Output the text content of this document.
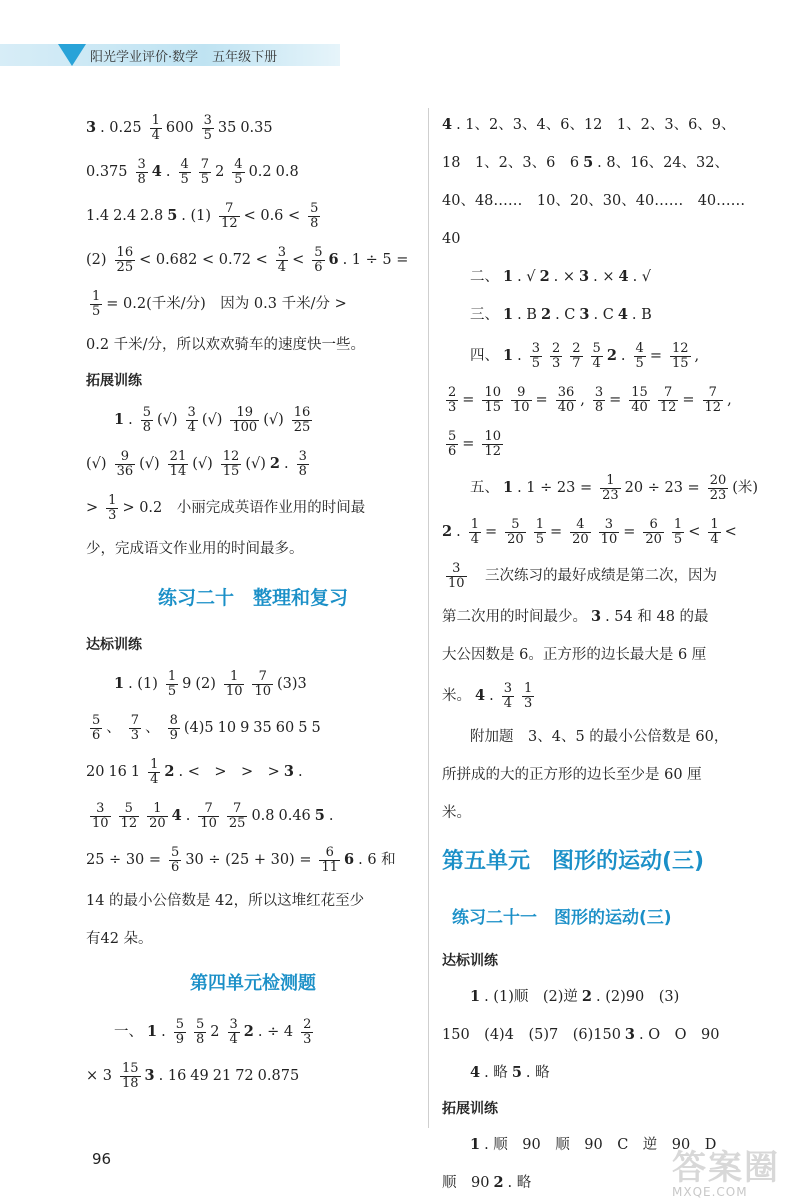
阳光学业评价·数学 五年级下册
3 . $0.25 \frac{1}{4} 600 \frac{3}{5} 35$ 0.35
$0.375 \frac{3}{8} 4$ . $\frac{4}{5} \frac{7}{5} 2 \frac{4}{5} 0.2$ 0.8
1.4 2.4 2.8 5 . $(1) \frac{7}{12} < 0.6 < \frac{5}{8}$
$(2) \frac{16}{25} < 0.682 < 0.72 < \frac{3}{4} < \frac{5}{6} 6$ . 1 ÷ 5 =
$\frac{1}{5} = 0.2$(千米/分)　因为 0.3 千米/分 >
0.2 千米/分，所以欢欢骑车的速度快一些。
拓展训练
1 . $\frac{5}{8}$ (√) $\frac{3}{4}$ (√) $\frac{19}{100}$ (√) $\frac{16}{25}$
(√) $\frac{9}{36}$ (√) $\frac{21}{14}$ (√) $\frac{12}{15}$ (√) 2 . $\frac{3}{8}$
> $\frac{1}{3} > 0.2$　小丽完成英语作业用的时间最
少，完成语文作业用的时间最多。
练习二十　整理和复习
达标训练
1 . $(1) \frac{1}{5} 9$ $(2) \frac{1}{10} \frac{7}{10} (3)3$
$\frac{5}{6}$ 、 $\frac{7}{3}$ 、 $\frac{8}{9} (4)5$ 10 9 35 60 5 5
20 16 $1 \frac{1}{4} 2$ . <　>　>　> 3 .
$\frac{3}{10} \frac{5}{12} \frac{1}{20} 4$ . $\frac{7}{10} \frac{7}{25} 0.8$ 0.46 5 .
$25 \div 30 = \frac{5}{6} 30 \div (25 + 30) = \frac{6}{11} 6$ . 6 和
14 的最小公倍数是 42，所以这堆红花至少
有42 朵。
第四单元检测题
一、 1 . $\frac{5}{9} \frac{5}{8} 2 \frac{3}{4} 2$ . ÷ $4 \frac{2}{3}$
× $3 \frac{15}{18} 3$ . 16 49 21 72 0.875
4 . 1、2、3、4、6、12　1、2、3、6、9、
18　1、2、3、6　6 5 . 8、16、24、32、
40、48……　10、20、30、40……　40……
40
二、 1 . √ 2 . × 3 . × 4 . √
三、 1 . B 2 . C 3 . C 4 . B
四、 1 . $\frac{3}{5} \frac{2}{3} \frac{2}{7} \frac{5}{4} 2$ . $\frac{4}{5} = \frac{12}{15}$ ,
$\frac{2}{3} = \frac{10}{15} \frac{9}{10} = \frac{36}{40}$ , $\frac{3}{8} = \frac{15}{40} \frac{7}{12} = \frac{7}{12}$ ,
$\frac{5}{6} = \frac{10}{12}$
五、 1 . $1 \div 23 = \frac{1}{23} 20 \div 23 = \frac{20}{23}$ (米)
2 . $\frac{1}{4} = \frac{5}{20} \frac{1}{5} = \frac{4}{20} \frac{3}{10} = \frac{6}{20} \frac{1}{5} < \frac{1}{4}$ <
$\frac{3}{10}$ 　三次练习的最好成绩是第二次，因为
第二次用的时间最少。 3 . 54 和 48 的最
大公因数是 6。正方形的边长最大是 6 厘
米。 4 . $\frac{3}{4} \frac{1}{3}$
附加题　3、4、5 的最小公倍数是 60，
所拼成的大的正方形的边长至少是 60 厘
米。
第五单元　图形的运动(三)
练习二十一　图形的运动(三)
达标训练
1 . (1)顺　(2)逆 2 . (2)90　(3)
150　(4)4　(5)7　(6)150 3 . O　O　90
4 . 略 5 . 略
拓展训练
1 . 顺　90　顺　90　C　逆　90　D
顺　90 2 . 略
96	答案圈
MXQE.COM
